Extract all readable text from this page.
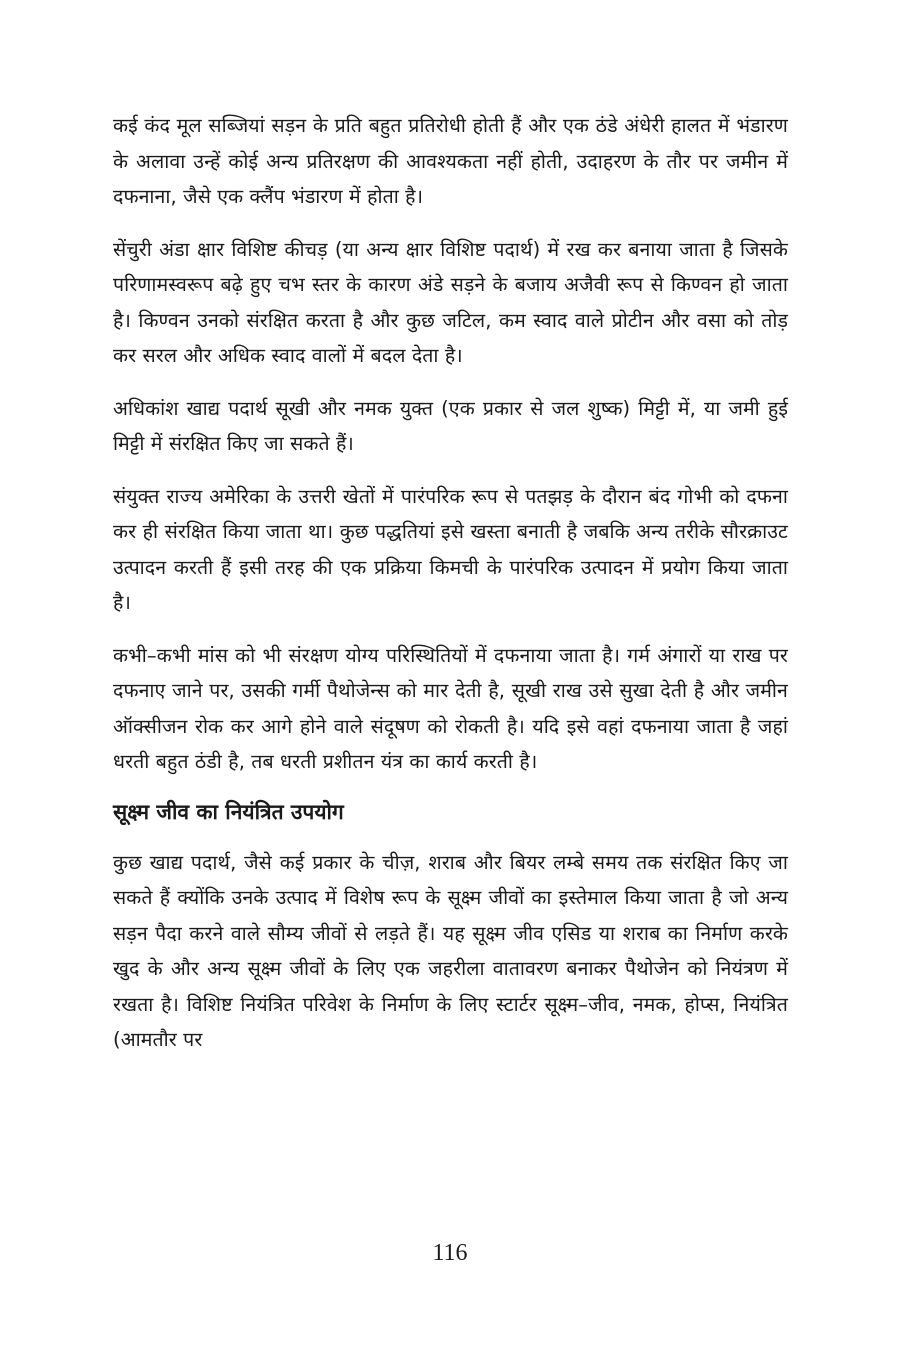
कई कंद मूल सब्जियां सड़न के प्रति बहुत प्रतिरोधी होती हैं और एक ठंडे अंधेरी हालत में भंडारण के अलावा उन्हें कोई अन्य प्रतिरक्षण की आवश्यकता नहीं होती, उदाहरण के तौर पर जमीन में दफनाना, जैसे एक क्लैंप भंडारण में होता है।

सेंचुरी अंडा क्षार विशिष्ट कीचड़ (या अन्य क्षार विशिष्ट पदार्थ) में रख कर बनाया जाता है जिसके परिणामस्वरूप बढ़े हुए चभ स्तर के कारण अंडे सड़ने के बजाय अजैवी रूप से किण्वन हो जाता है। किण्वन उनको संरक्षित करता है और कुछ जटिल, कम स्वाद वाले प्रोटीन और वसा को तोड़ कर सरल और अधिक स्वाद वालों में बदल देता है।

अधिकांश खाद्य पदार्थ सूखी और नमक युक्त (एक प्रकार से जल शुष्क) मिट्टी में, या जमी हुई मिट्टी में संरक्षित किए जा सकते हैं।

संयुक्त राज्य अमेरिका के उत्तरी खेतों में पारंपरिक रूप से पतझड़ के दौरान बंद गोभी को दफना कर ही संरक्षित किया जाता था। कुछ पद्धतियां इसे खस्ता बनाती है जबकि अन्य तरीके सौरक्राउट उत्पादन करती हैं इसी तरह की एक प्रक्रिया किमची के पारंपरिक उत्पादन में प्रयोग किया जाता है।

कभी–कभी मांस को भी संरक्षण योग्य परिस्थितियों में दफनाया जाता है। गर्म अंगारों या राख पर दफनाए जाने पर, उसकी गर्मी पैथोजेन्स को मार देती है, सूखी राख उसे सुखा देती है और जमीन ऑक्सीजन रोक कर आगे होने वाले संदूषण को रोकती है। यदि इसे वहां दफनाया जाता है जहां धरती बहुत ठंडी है, तब धरती प्रशीतन यंत्र का कार्य करती है।

सूक्ष्म जीव का नियंत्रित उपयोग

कुछ खाद्य पदार्थ, जैसे कई प्रकार के चीज़, शराब और बियर लम्बे समय तक संरक्षित किए जा सकते हैं क्योंकि उनके उत्पाद में विशेष रूप के सूक्ष्म जीवों का इस्तेमाल किया जाता है जो अन्य सड़न पैदा करने वाले सौम्य जीवों से लड़ते हैं। यह सूक्ष्म जीव एसिड या शराब का निर्माण करके खुद के और अन्य सूक्ष्म जीवों के लिए एक जहरीला वातावरण बनाकर पैथोजेन को नियंत्रण में रखता है। विशिष्ट नियंत्रित परिवेश के निर्माण के लिए स्टार्टर सूक्ष्म–जीव, नमक, होप्स, नियंत्रित (आमतौर पर

116
